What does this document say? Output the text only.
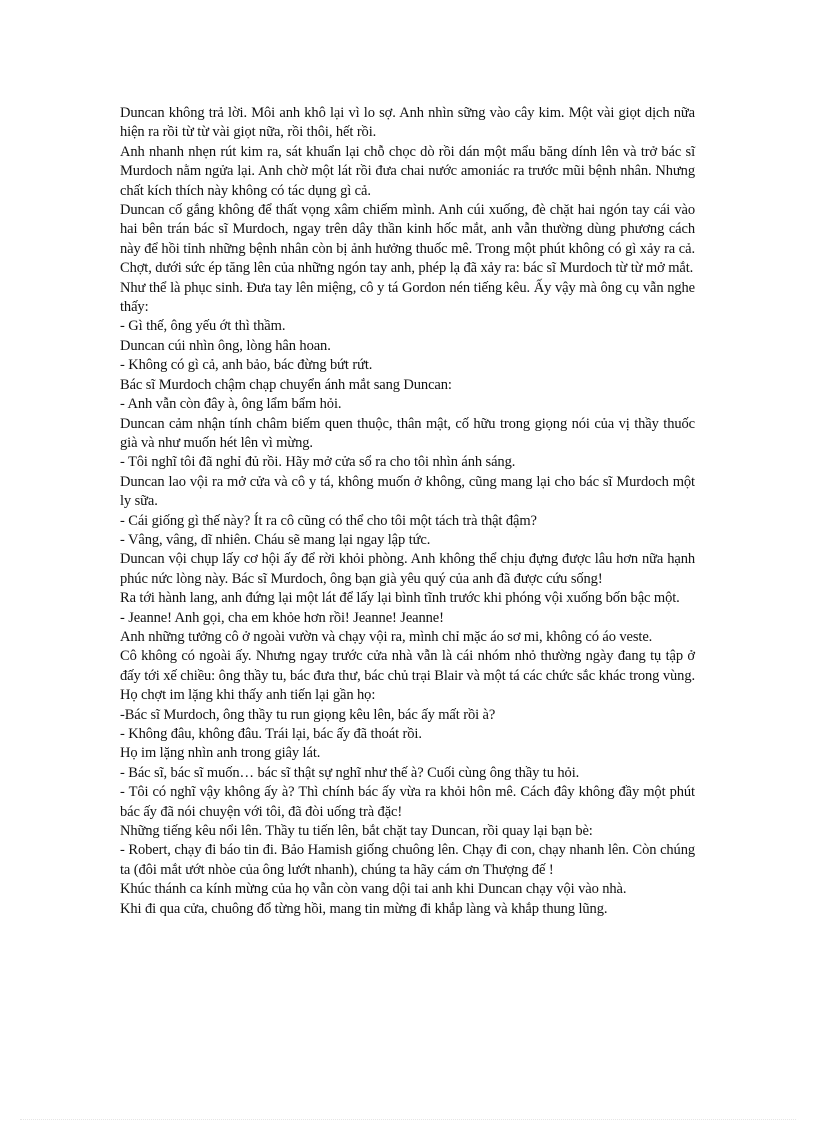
Duncan không trả lời. Môi anh khô lại vì lo sợ. Anh nhìn sững vào cây kim. Một vài giọt dịch nữa hiện ra rồi từ từ vài giọt nữa, rồi thôi, hết rồi.

Anh nhanh nhẹn rút kim ra, sát khuẩn lại chỗ chọc dò rồi dán một mẩu băng dính lên và trở bác sĩ Murdoch nằm ngửa lại. Anh chờ một lát rồi đưa chai nước amoniác ra trước mũi bệnh nhân. Nhưng chất kích thích này không có tác dụng gì cả.

Duncan cố gắng không để thất vọng xâm chiếm mình. Anh cúi xuống, đè chặt hai ngón tay cái vào hai bên trán bác sĩ Murdoch, ngay trên dây thần kinh hốc mắt, anh vẫn thường dùng phương cách này để hồi tỉnh những bệnh nhân còn bị ảnh hưởng thuốc mê. Trong một phút không có gì xảy ra cả. Chợt, dưới sức ép tăng lên của những ngón tay anh, phép lạ đã xảy ra: bác sĩ Murdoch từ từ mở mắt.

Như thể là phục sinh. Đưa tay lên miệng, cô y tá Gordon nén tiếng kêu. Ấy vậy mà ông cụ vẫn nghe thấy:

- Gì thế, ông yếu ớt thì thầm.

Duncan cúi nhìn ông, lòng hân hoan.

- Không có gì cả, anh bảo, bác đừng bứt rứt.

Bác sĩ Murdoch chậm chạp chuyển ánh mắt sang Duncan:

- Anh vẫn còn đây à, ông lẩm bẩm hỏi.

Duncan cảm nhận tính châm biếm quen thuộc, thân mật, cố hữu trong giọng nói của vị thầy thuốc già và như muốn hét lên vì mừng.

- Tôi nghĩ tôi đã nghỉ đủ rồi. Hãy mở cửa sổ ra cho tôi nhìn ánh sáng.

Duncan lao vội ra mở cửa và cô y tá, không muốn ở không, cũng mang lại cho bác sĩ Murdoch một ly sữa.

- Cái giống gì thế này? Ít ra cô cũng có thể cho tôi một tách trà thật đậm?

- Vâng, vâng, dĩ nhiên. Cháu sẽ mang lại ngay lập tức.

Duncan vội chụp lấy cơ hội ấy để rời khỏi phòng. Anh không thể chịu đựng được lâu hơn nữa hạnh phúc nức lòng này. Bác sĩ Murdoch, ông bạn già yêu quý của anh đã được cứu sống!

Ra tới hành lang, anh đứng lại một lát để lấy lại bình tĩnh trước khi phóng vội xuống bốn bậc một.

- Jeanne! Anh gọi, cha em khỏe hơn rồi! Jeanne! Jeanne!

Anh những tưởng cô ở ngoài vườn và chạy vội ra, mình chỉ mặc áo sơ mi, không có áo veste.

Cô không có ngoài ấy. Nhưng ngay trước cửa nhà vẫn là cái nhóm nhỏ thường ngày đang tụ tập ở đấy tới xế chiều: ông thầy tu, bác đưa thư, bác chủ trại Blair và một tá các chức sắc khác trong vùng. Họ chợt im lặng khi thấy anh tiến lại gần họ:

-Bác sĩ Murdoch, ông thầy tu run giọng kêu lên, bác ấy mất rồi à?

- Không đâu, không đâu. Trái lại, bác ấy đã thoát rồi.

Họ im lặng nhìn anh trong giây lát.

- Bác sĩ, bác sĩ muốn… bác sĩ thật sự nghĩ như thế à? Cuối cùng ông thầy tu hỏi.

- Tôi có nghĩ vậy không ấy à? Thì chính bác ấy vừa ra khỏi hôn mê. Cách đây không đầy một phút bác ấy đã nói chuyện với tôi, đã đòi uống trà đặc!

Những tiếng kêu nổi lên. Thầy tu tiến lên, bắt chặt tay Duncan, rồi quay lại bạn bè:

- Robert, chạy đi báo tin đi. Bảo Hamish giống chuông lên. Chạy đi con, chạy nhanh lên. Còn chúng ta (đôi mắt ướt nhòe của ông lướt nhanh), chúng ta hãy cám ơn Thượng đế !

Khúc thánh ca kính mừng của họ vẫn còn vang dội tai anh khi Duncan chạy vội vào nhà.

Khi đi qua cửa, chuông đổ từng hồi, mang tin mừng đi khắp làng và khắp thung lũng.
